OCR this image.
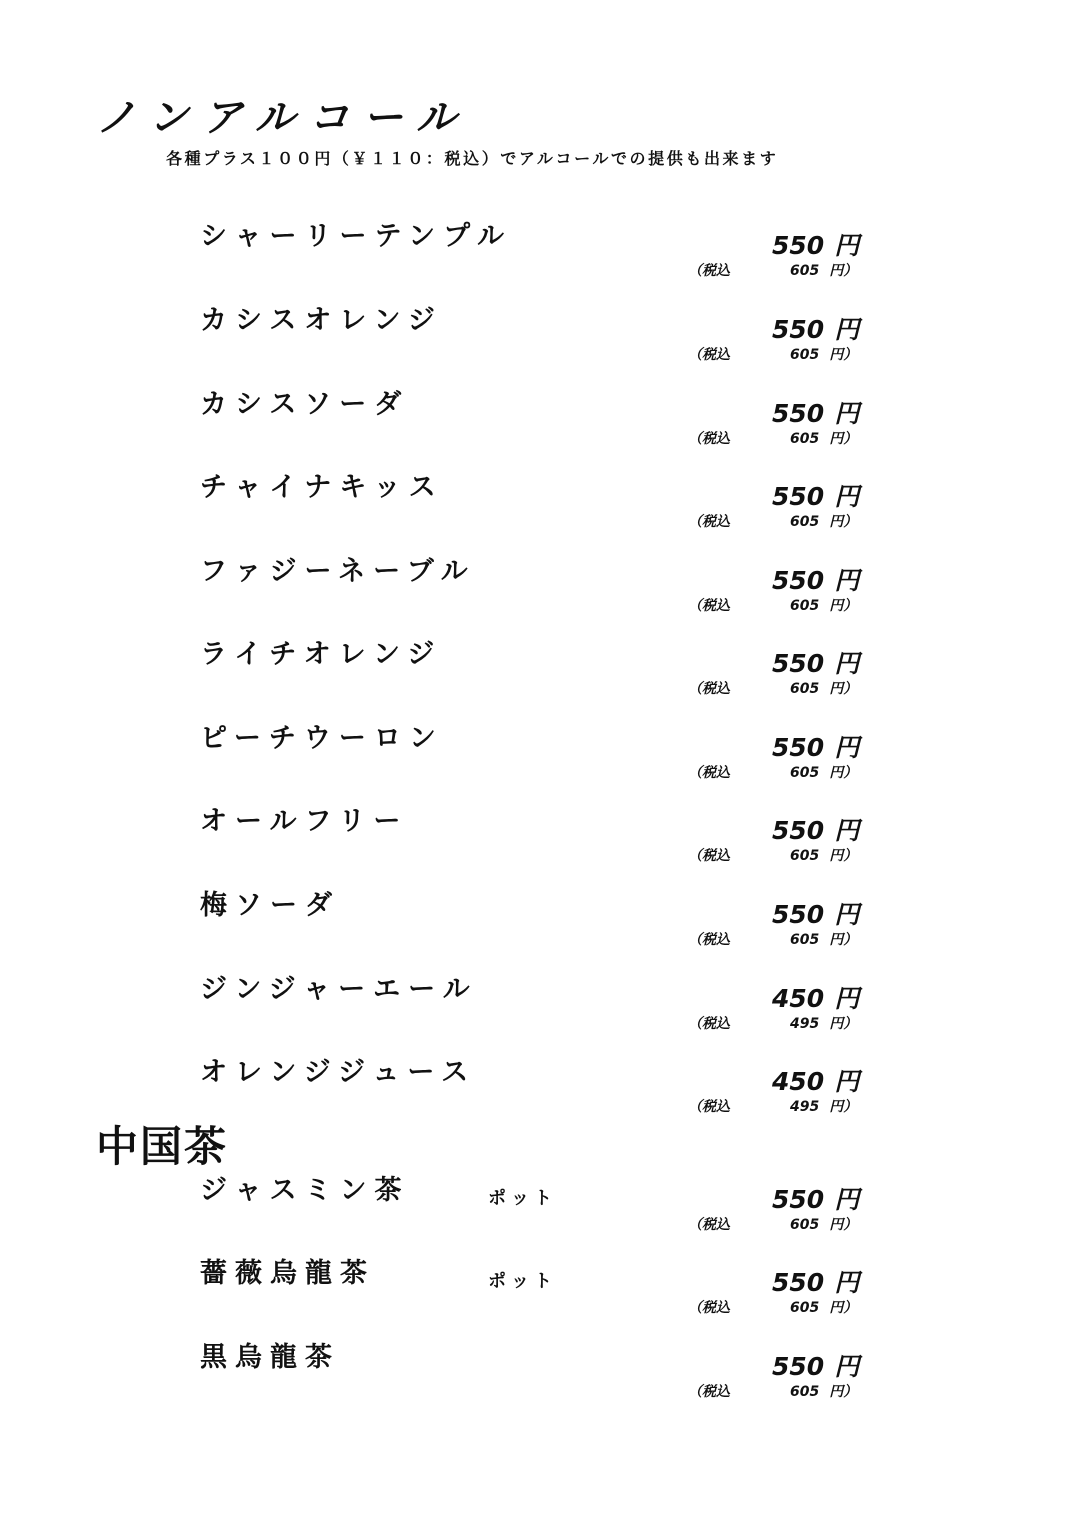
ノンアルコール
各種プラス１００円（￥１１０：税込）でアルコールでの提供も出来ます
シャーリーテンプル	550 円
（税込	605 円）
カシスオレンジ	550 円
（税込	605 円）
カシスソーダ	550 円
（税込	605 円）
チャイナキッス	550 円
（税込	605 円）
ファジーネーブル	550 円
（税込	605 円）
ライチオレンジ	550 円
（税込	605 円）
ピーチウーロン	550 円
（税込	605 円）
オールフリー	550 円
（税込	605 円）
梅ソーダ	550 円
（税込	605 円）
ジンジャーエール	450 円
（税込	495 円）
オレンジジュース	450 円
（税込	495 円）
中国茶
ジャスミン茶	ポット	550 円
（税込	605 円）
薔薇烏龍茶	ポット	550 円
（税込	605 円）
黒烏龍茶	550 円
（税込	605 円）
